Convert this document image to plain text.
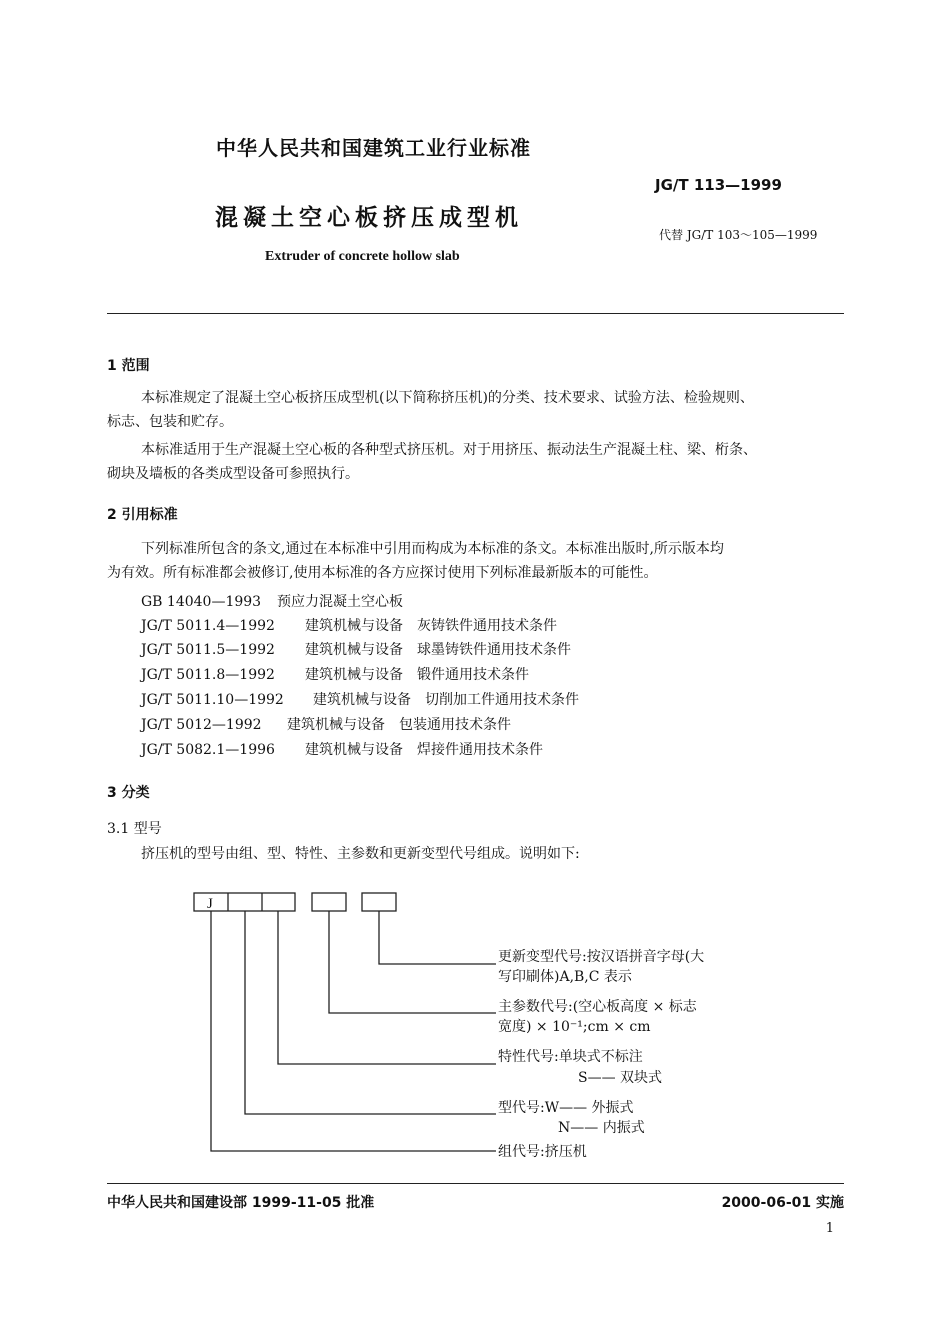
中华人民共和国建筑工业行业标准
JG/T 113—1999
混凝土空心板挤压成型机
代替 JG/T 103～105—1999
Extruder of concrete hollow slab
1 范围
本标准规定了混凝土空心板挤压成型机(以下简称挤压机)的分类、技术要求、试验方法、检验规则、
标志、包装和贮存。
本标准适用于生产混凝土空心板的各种型式挤压机。对于用挤压、振动法生产混凝土柱、梁、桁条、
砌块及墙板的各类成型设备可参照执行。
2 引用标准
下列标准所包含的条文,通过在本标准中引用而构成为本标准的条文。本标准出版时,所示版本均
为有效。所有标准都会被修订,使用本标准的各方应探讨使用下列标准最新版本的可能性。
GB 14040—1993 预应力混凝土空心板
JG/T 5011.4—1992 建筑机械与设备　灰铸铁件通用技术条件
JG/T 5011.5—1992 建筑机械与设备　球墨铸铁件通用技术条件
JG/T 5011.8—1992 建筑机械与设备　锻件通用技术条件
JG/T 5011.10—1992 建筑机械与设备　切削加工件通用技术条件
JG/T 5012—1992 建筑机械与设备　包装通用技术条件
JG/T 5082.1—1996 建筑机械与设备　焊接件通用技术条件
3 分类
3.1 型号
挤压机的型号由组、型、特性、主参数和更新变型代号组成。说明如下:
J
更新变型代号:按汉语拼音字母(大
写印刷体)A,B,C 表示
主参数代号:(空心板高度 × 标志
宽度) × 10⁻¹;cm × cm
特性代号:单块式不标注
S—— 双块式
型代号:W—— 外振式
N—— 内振式
组代号:挤压机
中华人民共和国建设部 1999-11-05 批准	2000-06-01 实施
1
